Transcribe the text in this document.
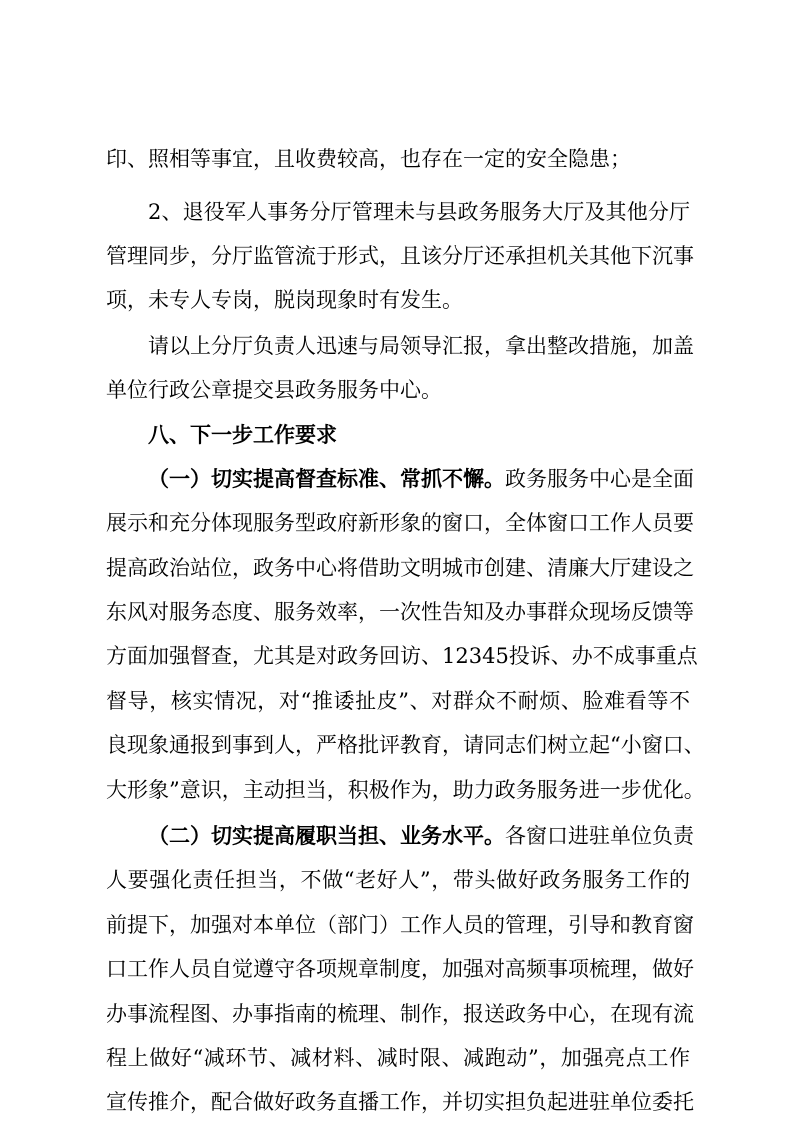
印、照相等事宜，且收费较高，也存在一定的安全隐患；
2、退役军人事务分厅管理未与县政务服务大厅及其他分厅
管理同步，分厅监管流于形式，且该分厅还承担机关其他下沉事
项，未专人专岗，脱岗现象时有发生。
请以上分厅负责人迅速与局领导汇报，拿出整改措施，加盖
单位行政公章提交县政务服务中心。
八、下一步工作要求
（一）切实提高督查标准、常抓不懈。政务服务中心是全面
展示和充分体现服务型政府新形象的窗口，全体窗口工作人员要
提高政治站位，政务中心将借助文明城市创建、清廉大厅建设之
东风对服务态度、服务效率，一次性告知及办事群众现场反馈等
方面加强督查，尤其是对政务回访、12345投诉、办不成事重点
督导，核实情况，对“推诿扯皮”、对群众不耐烦、脸难看等不
良现象通报到事到人，严格批评教育，请同志们树立起“小窗口、
大形象”意识，主动担当，积极作为，助力政务服务进一步优化。
（二）切实提高履职当担、业务水平。各窗口进驻单位负责
人要强化责任担当，不做“老好人”，带头做好政务服务工作的
前提下，加强对本单位（部门）工作人员的管理，引导和教育窗
口工作人员自觉遵守各项规章制度，加强对高频事项梳理，做好
办事流程图、办事指南的梳理、制作，报送政务中心，在现有流
程上做好“减环节、减材料、减时限、减跑动”，加强亮点工作
宣传推介，配合做好政务直播工作，并切实担负起进驻单位委托
